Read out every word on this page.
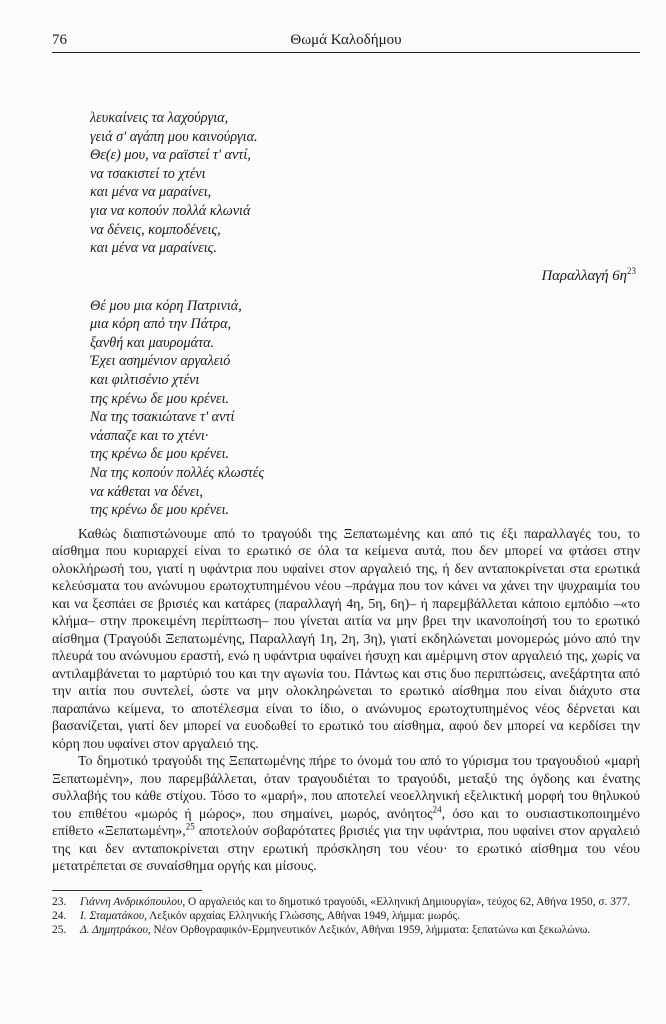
76	Θωμά Καλοδήμου
λευκαίνεις τα λαχούργια,
γειά σ' αγάπη μου καινούργια.
Θε(ε) μου, να ραϊστεί τ' αντί,
να τσακιστεί το χτένι
και μένα να μαραίνει,
για να κοπούν πολλά κλωνιά
να δένεις, κομποδένεις,
και μένα να μαραίνεις.
Παραλλαγή $6\eta^{23}$
Θέ μου μια κόρη Πατρινιά,
μια κόρη από την Πάτρα,
ξανθή και μαυρομάτα.
Έχει ασημένιον αργαλειό
και φιλτισένιο χτένι
της κρένω δε μου κρένει.
Να της τσακιώτανε τ' αντί
νάσπαζε και το χτένι·
της κρένω δε μου κρένει.
Να της κοπούν πολλές κλωστές
να κάθεται να δένει,
της κρένω δε μου κρένει.

Καθώς διαπιστώνουμε από το τραγούδι της Ξεπατωμένης και από τις έξι παραλλαγές του, το αίσθημα που κυριαρχεί είναι το ερωτικό σε όλα τα κείμενα αυτά, που δεν μπορεί να φτάσει στην ολοκλήρωσή του, γιατί η υφάντρια που υφαίνει στον αργαλειό της, ή δεν ανταποκρίνεται στα ερωτικά κελεύσματα του ανώνυμου ερωτοχτυπημένου νέου –πράγμα που τον κάνει να χάνει την ψυχραιμία του και να ξεσπάει σε βρισιές και κατάρες (παραλλαγή 4η, 5η, 6η)– ή παρεμβάλλεται κάποιο εμπόδιο –«το κλήμα– στην προκειμένη περίπτωση– που γίνεται αιτία να μην βρει την ικανοποίησή του το ερωτικό αίσθημα (Τραγούδι Ξεπατωμένης, Παραλλαγή 1η, 2η, 3η), γιατί εκδηλώνεται μονομερώς μόνο από την πλευρά του ανώνυμου εραστή, ενώ η υφάντρια υφαίνει ήσυχη και αμέριμνη στον αργαλειό της, χωρίς να αντιλαμβάνεται το μαρτύριό του και την αγωνία του. Πάντως και στις δυο περιπτώσεις, ανεξάρτητα από την αιτία που συντελεί, ώστε να μην ολοκληρώνεται το ερωτικό αίσθημα που είναι διάχυτο στα παραπάνω κείμενα, το αποτέλεσμα είναι το ίδιο, ο ανώνυμος ερωτοχτυπημένος νέος δέρνεται και βασανίζεται, γιατί δεν μπορεί να ευοδωθεί το ερωτικό του αίσθημα, αφού δεν μπορεί να κερδίσει την κόρη που υφαίνει στον αργαλειό της.

Το δημοτικό τραγούδι της Ξεπατωμένης πήρε το όνομά του από το γύρισμα του τραγουδιού «μαρή Ξεπατωμένη», που παρεμβάλλεται, όταν τραγουδιέται το τραγούδι, μεταξύ της όγδοης και ένατης συλλαβής του κάθε στίχου. Τόσο το «μαρή», που αποτελεί νεοελληνική εξελικτική μορφή του θηλυκού του επιθέτου «μωρός ή μώρος», που σημαίνει, μωρός, ανόητος$^{24}$, όσο και το ουσιαστικοποιημένο επίθετο «Ξεπατωμένη»,$^{25}$ αποτελούν σοβαρότατες βρισιές για την υφάντρια, που υφαίνει στον αργαλειό της και δεν ανταποκρίνεται στην ερωτική πρόσκληση του νέου· το ερωτικό αίσθημα του νέου μετατρέπεται σε συναίσθημα οργής και μίσους.

23. Γιάννη Ανδρικόπουλου, Ο αργαλειός και το δημοτικό τραγούδι, «Ελληνική Δημιουργία», τεύχος 62, Αθήνα 1950, σ. 377.
24. Ι. Σταματάκου, Λεξικόν αρχαίας Ελληνικής Γλώσσης, Αθήναι 1949, λήμμα: μωρός.
25. Δ. Δημητράκου, Νέον Ορθογραφικόν-Ερμηνευτικόν Λεξικόν, Αθήναι 1959, λήμματα: ξεπατώνω και ξεκωλώνω.
